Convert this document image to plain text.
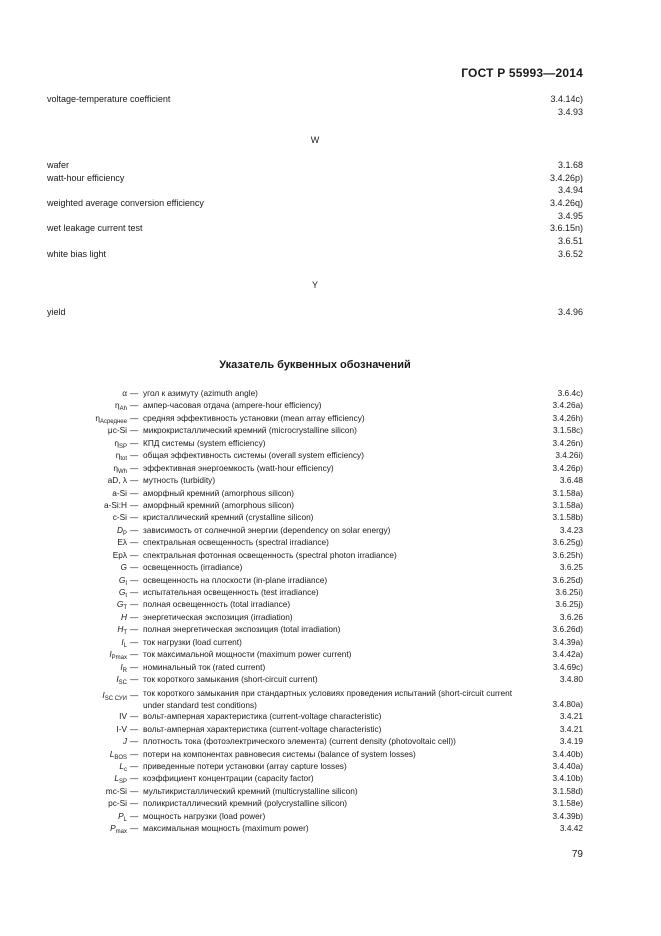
ГОСТ Р 55993—2014
voltage-temperature coefficient	3.4.14c)
3.4.93
W
wafer	3.1.68
watt-hour efficiency	3.4.26p)
3.4.94
weighted average conversion efficiency	3.4.26q)
3.4.95
wet leakage current test	3.6.15n)
3.6.51
white bias light	3.6.52
Y
yield	3.4.96
Указатель буквенных обозначений
α — угол к азимуту (azimuth angle)	3.6.4c)
$\eta_{Ah}$ — ампер-часовая отдача (ampere-hour efficiency)	3.4.26a)
$\eta_{Асреднее}$ — средняя эффективность установки (mean array efficiency)	3.4.26h)
μc-Si — микрокристаллический кремний (microcrystalline silicon)	3.1.58c)
$\eta_{SP}$ — КПД системы (system efficiency)	3.4.26n)
$\eta_{tot}$ — общая эффективность системы (overall system efficiency)	3.4.26i)
$\eta_{Wh}$ — эффективная энергоемкость (watt-hour efficiency)	3.4.26p)
aD, λ — мутность (turbidity)	3.6.48
a-Si — аморфный кремний (amorphous silicon)	3.1.58a)
a-Si:H — аморфный кремний (amorphous silicon)	3.1.58a)
c-Si — кристаллический кремний (crystalline silicon)	3.1.58b)
$D_P$ — зависимость от солнечной энергии (dependency on solar energy)	3.4.23
Eλ — спектральная освещенность (spectral irradiance)	3.6.25g)
Epλ — спектральная фотонная освещенность (spectral photon irradiance)	3.6.25h)
G — освещенность (irradiance)	3.6.25
$G_I$ — освещенность на плоскости (in-plane irradiance)	3.6.25d)
$G_t$ — испытательная освещенность (test irradiance)	3.6.25i)
$G_T$ — полная освещенность (total irradiance)	3.6.25j)
H — энергетическая экспозиция (irradiation)	3.6.26
$H_T$ — полная энергетическая экспозиция (total irradiation)	3.6.26d)
$I_L$ — ток нагрузки (load current)	3.4.39a)
$I_{Pmax}$ — ток максимальной мощности (maximum power current)	3.4.42a)
$I_R$ — номинальный ток (rated current)	3.4.69c)
$I_{SC}$ — ток короткого замыкания (short-circuit current)	3.4.80
$I_{SC СУИ}$ — ток короткого замыкания при стандартных условиях проведения испытаний (short-circuit current under standard test conditions)	3.4.80a)
IV — вольт-амперная характеристика (current-voltage characteristic)	3.4.21
I-V — вольт-амперная характеристика (current-voltage characteristic)	3.4.21
J — плотность тока (фотоэлектрического элемента) (current density (photovoltaic cell))	3.4.19
$L_{BOS}$ — потери на компонентах равновесия системы (balance of system losses)	3.4.40b)
$L_c$ — приведенные потери установки (array capture losses)	3.4.40a)
$L_{SP}$ — коэффициент концентрации (capacity factor)	3.4.10b)
mc-Si — мультикристаллический кремний (multicrystalline silicon)	3.1.58d)
pc-Si — поликристаллический кремний (polycrystalline silicon)	3.1.58e)
$P_L$ — мощность нагрузки (load power)	3.4.39b)
$P_{max}$ — максимальная мощность (maximum power)	3.4.42
79
